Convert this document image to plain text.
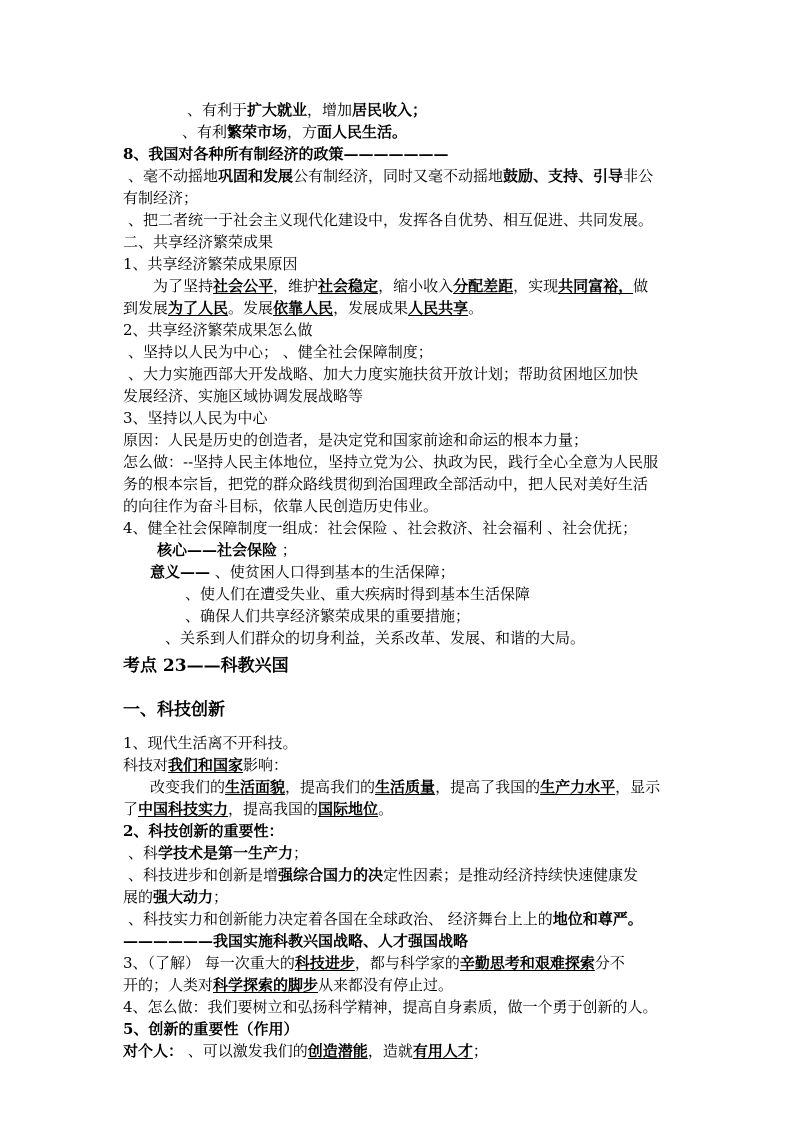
、有利于扩大就业，增加居民收入；
、有利繁荣市场，方面人民生活。
8、我国对各种所有制经济的政策———————
、毫不动摇地巩固和发展公有制经济，同时又毫不动摇地鼓励、支持、引导非公
有制经济；
、把二者统一于社会主义现代化建设中，发挥各自优势、相互促进、共同发展。
二、共享经济繁荣成果
1、共享经济繁荣成果原因
为了坚持社会公平，维护社会稳定，缩小收入分配差距，实现共同富裕，做
到发展为了人民。发展依靠人民，发展成果人民共享。
2、共享经济繁荣成果怎么做
、坚持以人民为中心； 、健全社会保障制度；
、大力实施西部大开发战略、加大力度实施扶贫开放计划；帮助贫困地区加快
发展经济、实施区域协调发展战略等
3、坚持以人民为中心
原因：人民是历史的创造者，是决定党和国家前途和命运的根本力量；
怎么做：--坚持人民主体地位，坚持立党为公、执政为民，践行全心全意为人民服
务的根本宗旨，把党的群众路线贯彻到治国理政全部活动中，把人民对美好生活
的向往作为奋斗目标，依靠人民创造历史伟业。
4、健全社会保障制度一组成：社会保险 、社会救济、社会福利 、社会优抚；
核心——社会保险 ；
意义—— 、使贫困人口得到基本的生活保障；
、使人们在遭受失业、重大疾病时得到基本生活保障
、确保人们共享经济繁荣成果的重要措施；
、关系到人们群众的切身利益，关系改革、发展、和谐的大局。
考点 23——科教兴国
一、科技创新
1、现代生活离不开科技。
科技对我们和国家影响：
改变我们的生活面貌，提高我们的生活质量，提高了我国的生产力水平，显示
了中国科技实力，提高我国的国际地位。
2、科技创新的重要性：
、科学技术是第一生产力；
、科技进步和创新是增强综合国力的决定性因素；是推动经济持续快速健康发
展的强大动力；
、科技实力和创新能力决定着各国在全球政治、 经济舞台上上的地位和尊严。
——————我国实施科教兴国战略、人才强国战略
3、（了解） 每一次重大的科技进步，都与科学家的辛勤思考和艰难探索分不
开的；人类对科学探索的脚步从来都没有停止过。
4、怎么做：我们要树立和弘扬科学精神，提高自身素质，做一个勇于创新的人。
5、创新的重要性（作用）
对个人： 、可以激发我们的创造潜能，造就有用人才；
